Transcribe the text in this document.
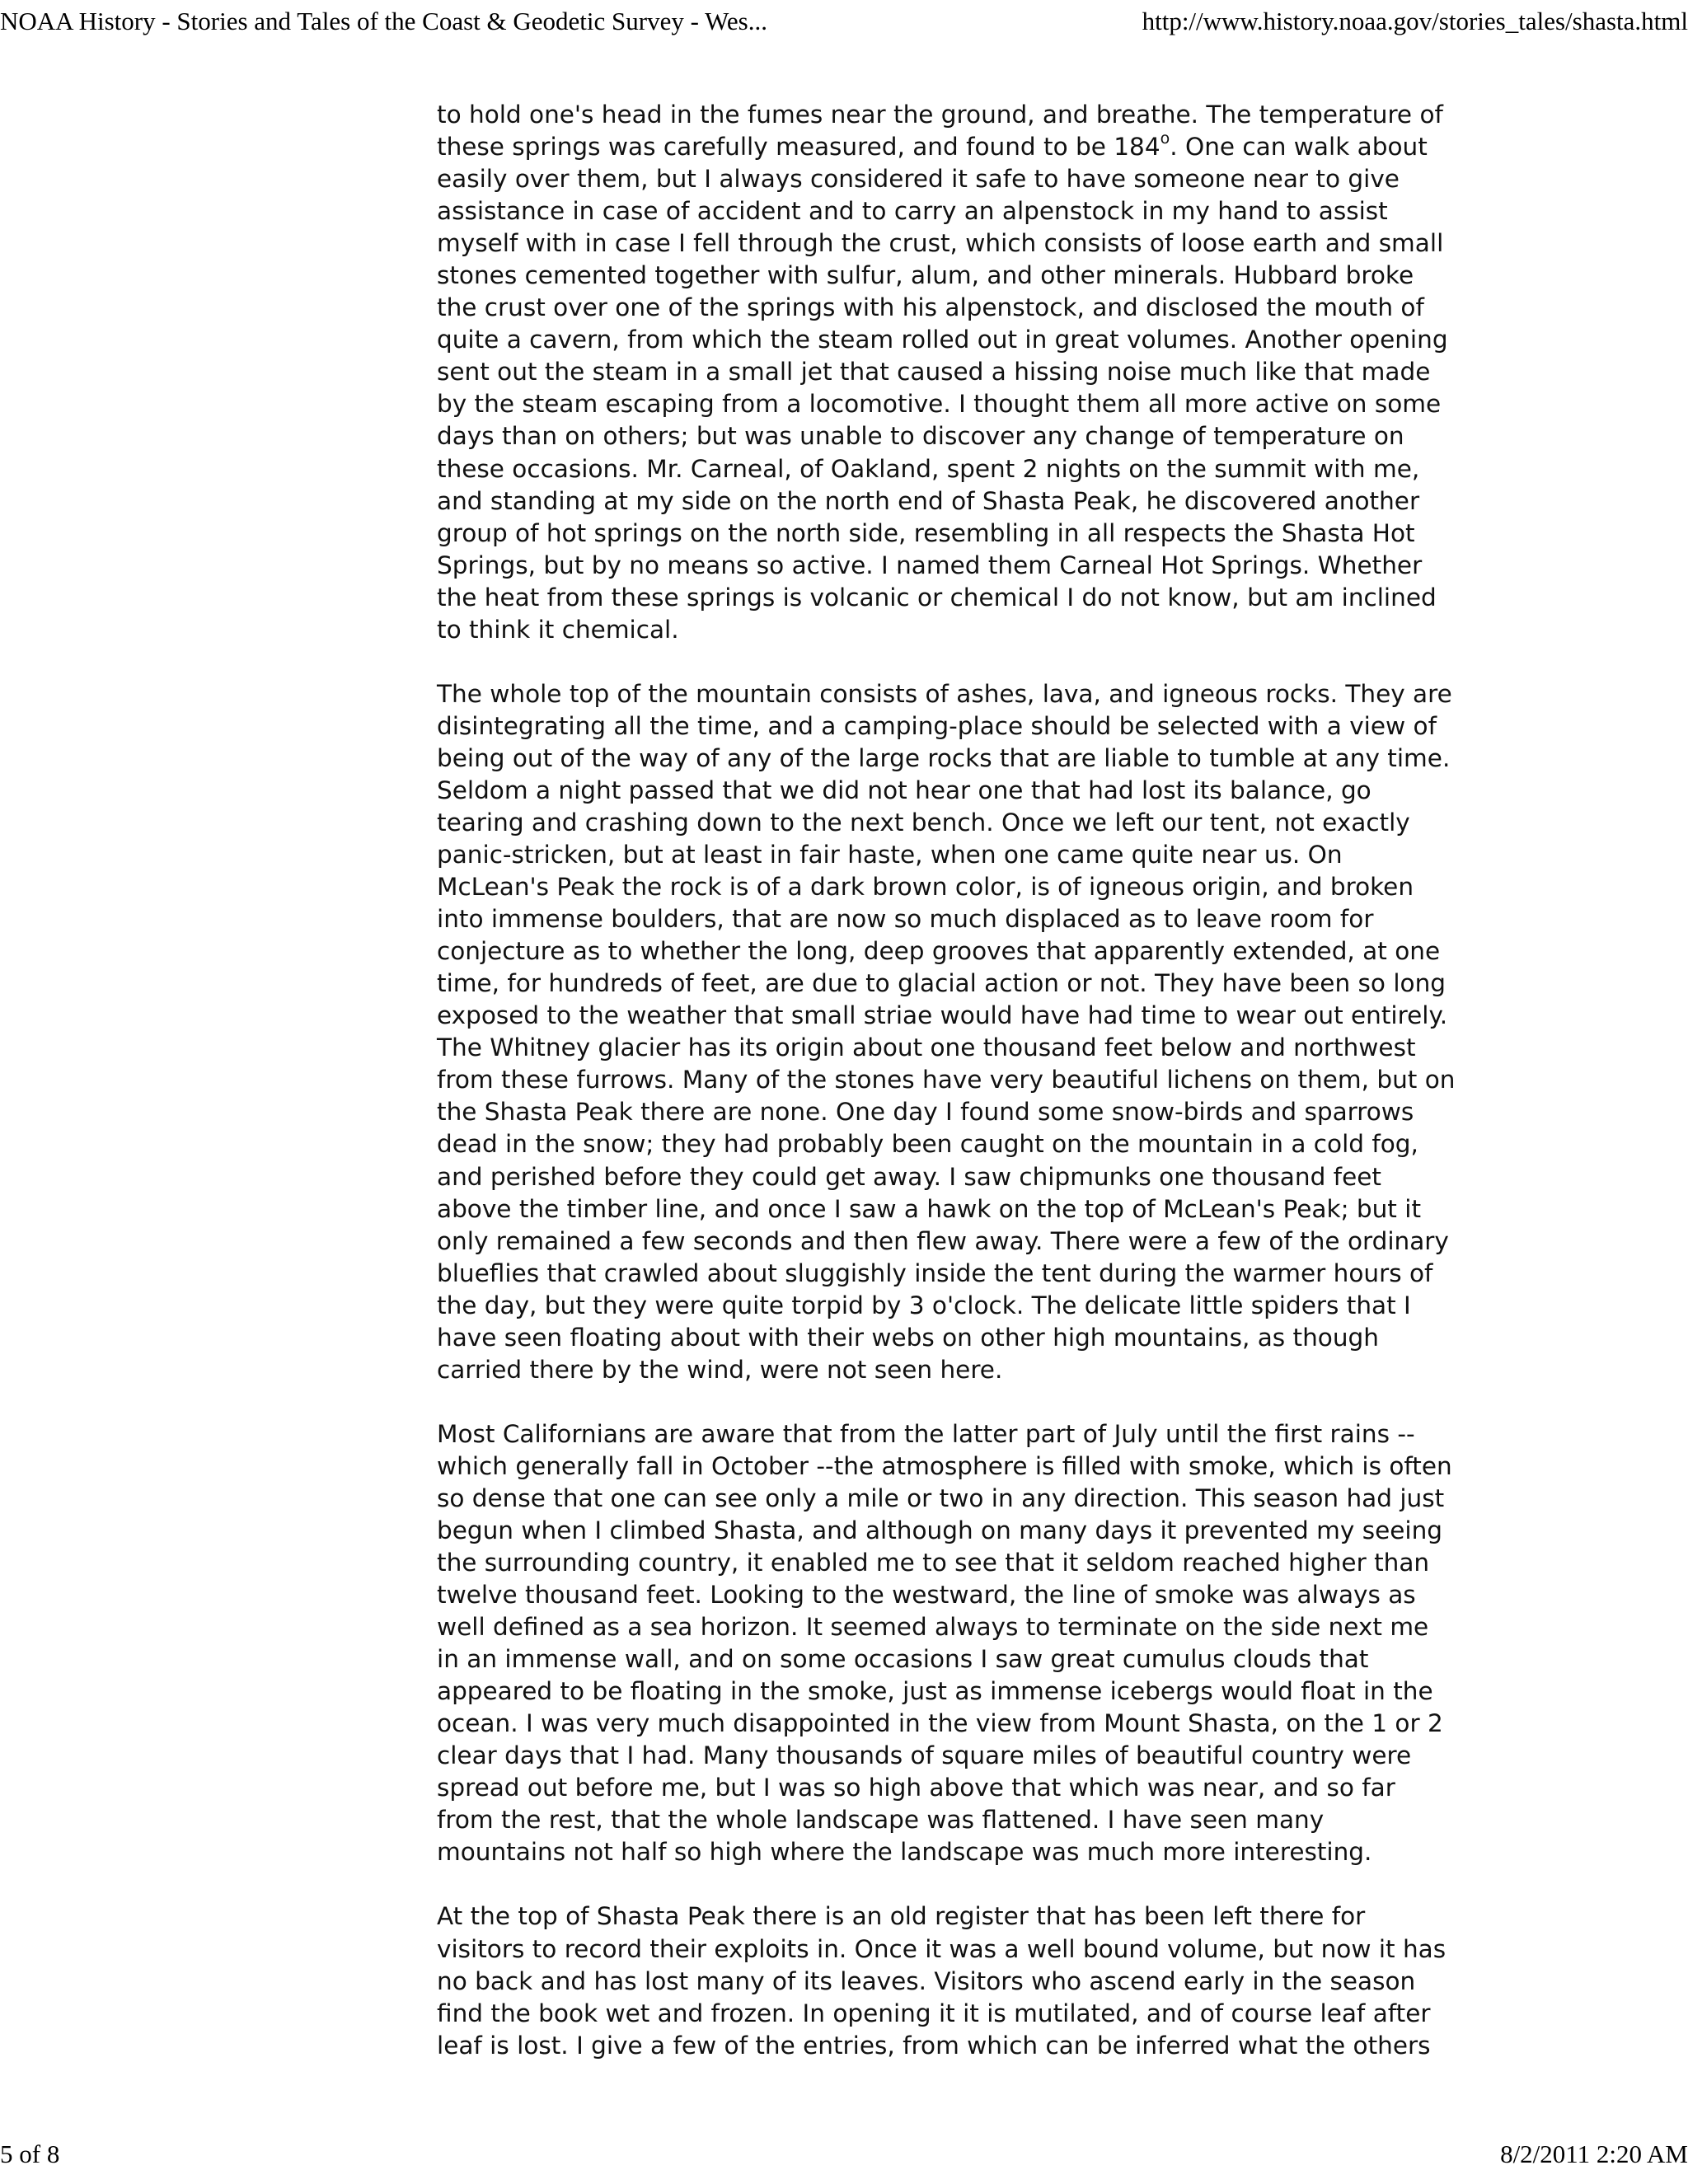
NOAA History - Stories and Tales of the Coast & Geodetic Survey - Wes...	http://www.history.noaa.gov/stories_tales/shasta.html

to hold one's head in the fumes near the ground, and breathe. The temperature of
these springs was carefully measured, and found to be 184$^o$. One can walk about
easily over them, but I always considered it safe to have someone near to give
assistance in case of accident and to carry an alpenstock in my hand to assist
myself with in case I fell through the crust, which consists of loose earth and small
stones cemented together with sulfur, alum, and other minerals. Hubbard broke
the crust over one of the springs with his alpenstock, and disclosed the mouth of
quite a cavern, from which the steam rolled out in great volumes. Another opening
sent out the steam in a small jet that caused a hissing noise much like that made
by the steam escaping from a locomotive. I thought them all more active on some
days than on others; but was unable to discover any change of temperature on
these occasions. Mr. Carneal, of Oakland, spent 2 nights on the summit with me,
and standing at my side on the north end of Shasta Peak, he discovered another
group of hot springs on the north side, resembling in all respects the Shasta Hot
Springs, but by no means so active. I named them Carneal Hot Springs. Whether
the heat from these springs is volcanic or chemical I do not know, but am inclined
to think it chemical.

The whole top of the mountain consists of ashes, lava, and igneous rocks. They are
disintegrating all the time, and a camping-place should be selected with a view of
being out of the way of any of the large rocks that are liable to tumble at any time.
Seldom a night passed that we did not hear one that had lost its balance, go
tearing and crashing down to the next bench. Once we left our tent, not exactly
panic-stricken, but at least in fair haste, when one came quite near us. On
McLean's Peak the rock is of a dark brown color, is of igneous origin, and broken
into immense boulders, that are now so much displaced as to leave room for
conjecture as to whether the long, deep grooves that apparently extended, at one
time, for hundreds of feet, are due to glacial action or not. They have been so long
exposed to the weather that small striae would have had time to wear out entirely.
The Whitney glacier has its origin about one thousand feet below and northwest
from these furrows. Many of the stones have very beautiful lichens on them, but on
the Shasta Peak there are none. One day I found some snow-birds and sparrows
dead in the snow; they had probably been caught on the mountain in a cold fog,
and perished before they could get away. I saw chipmunks one thousand feet
above the timber line, and once I saw a hawk on the top of McLean's Peak; but it
only remained a few seconds and then flew away. There were a few of the ordinary
blueflies that crawled about sluggishly inside the tent during the warmer hours of
the day, but they were quite torpid by 3 o'clock. The delicate little spiders that I
have seen floating about with their webs on other high mountains, as though
carried there by the wind, were not seen here.

Most Californians are aware that from the latter part of July until the first rains --
which generally fall in October --the atmosphere is filled with smoke, which is often
so dense that one can see only a mile or two in any direction. This season had just
begun when I climbed Shasta, and although on many days it prevented my seeing
the surrounding country, it enabled me to see that it seldom reached higher than
twelve thousand feet. Looking to the westward, the line of smoke was always as
well defined as a sea horizon. It seemed always to terminate on the side next me
in an immense wall, and on some occasions I saw great cumulus clouds that
appeared to be floating in the smoke, just as immense icebergs would float in the
ocean. I was very much disappointed in the view from Mount Shasta, on the 1 or 2
clear days that I had. Many thousands of square miles of beautiful country were
spread out before me, but I was so high above that which was near, and so far
from the rest, that the whole landscape was flattened. I have seen many
mountains not half so high where the landscape was much more interesting.

At the top of Shasta Peak there is an old register that has been left there for
visitors to record their exploits in. Once it was a well bound volume, but now it has
no back and has lost many of its leaves. Visitors who ascend early in the season
find the book wet and frozen. In opening it it is mutilated, and of course leaf after
leaf is lost. I give a few of the entries, from which can be inferred what the others

5 of 8	8/2/2011 2:20 AM
